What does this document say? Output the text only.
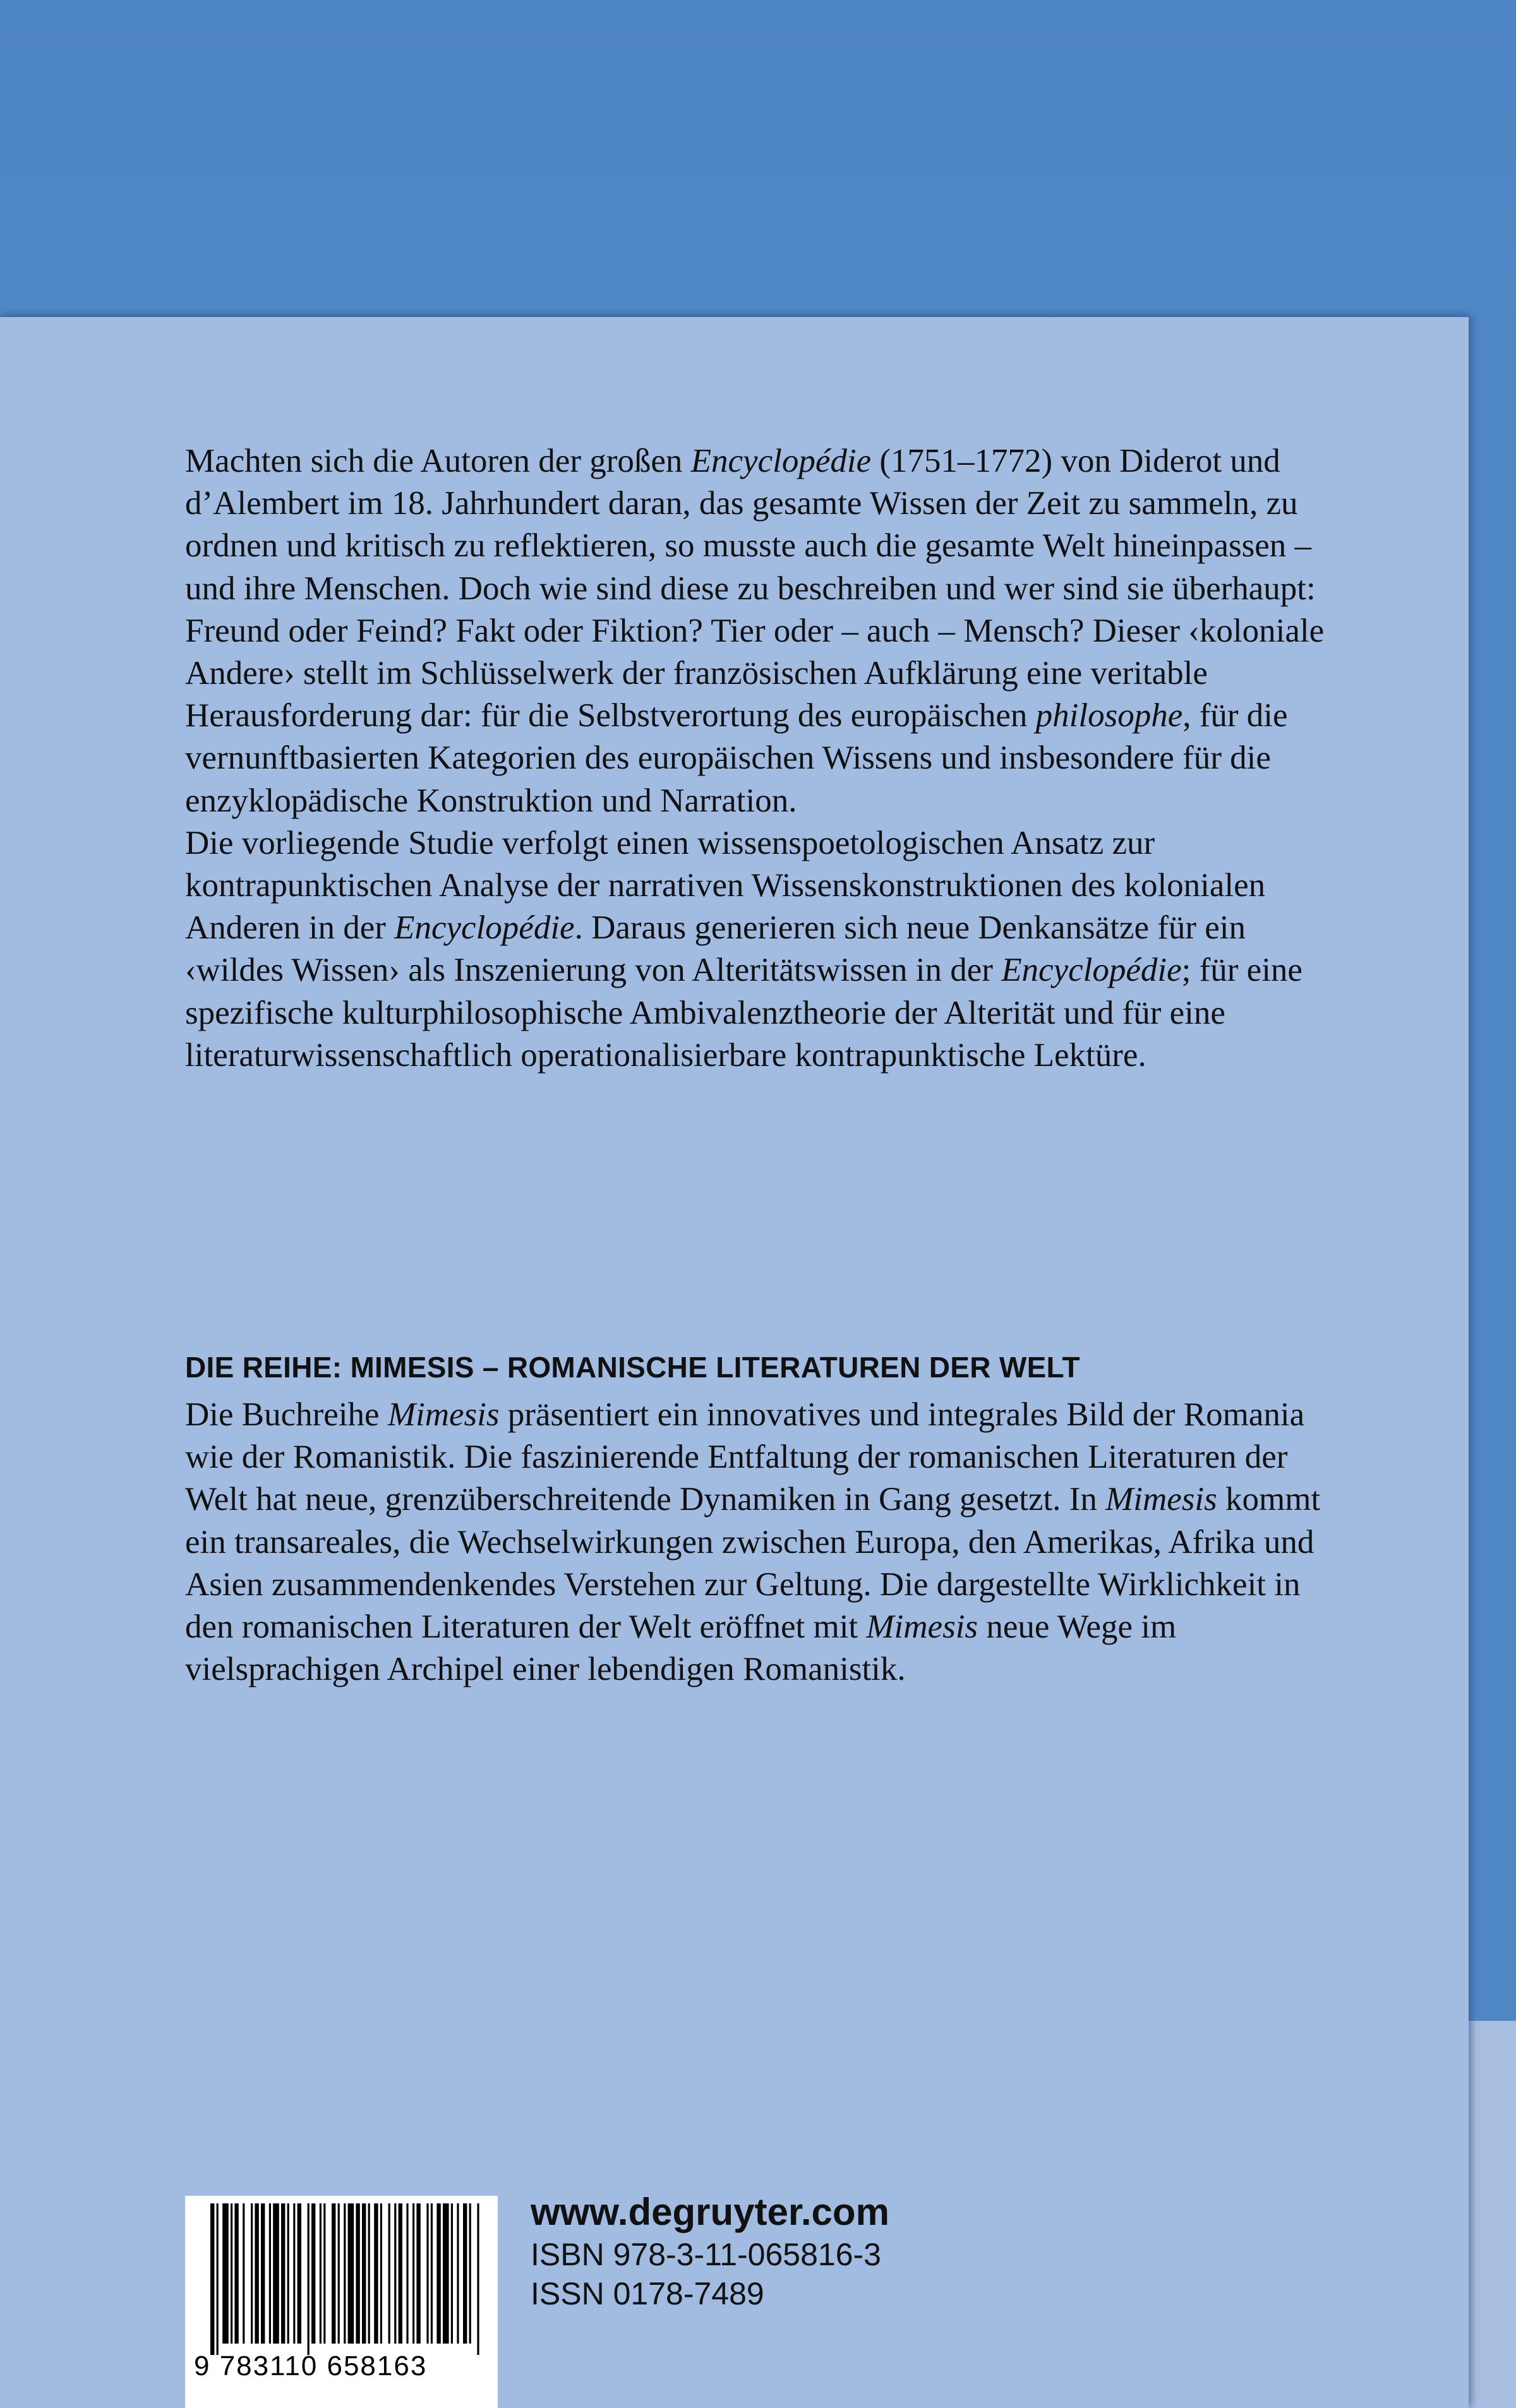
Machten sich die Autoren der großen Encyclopédie (1751–1772) von Diderot und d’Alembert im 18. Jahrhundert daran, das gesamte Wissen der Zeit zu sammeln, zu ordnen und kritisch zu reflektieren, so musste auch die gesamte Welt hineinpassen – und ihre Menschen. Doch wie sind diese zu beschreiben und wer sind sie überhaupt: Freund oder Feind? Fakt oder Fiktion? Tier oder – auch – Mensch? Dieser ‹koloniale Andere› stellt im Schlüsselwerk der französischen Aufklärung eine veritable Herausforderung dar: für die Selbstverortung des europäischen philosophe, für die vernunftbasierten Kategorien des europäischen Wissens und insbesondere für die enzyklopädische Konstruktion und Narration.

Die vorliegende Studie verfolgt einen wissenspoetologischen Ansatz zur kontrapunktischen Analyse der narrativen Wissenskonstruktionen des kolonialen Anderen in der Encyclopédie. Daraus generieren sich neue Denkansätze für ein ‹wildes Wissen› als Inszenierung von Alteritätswissen in der Encyclopédie; für eine spezifische kulturphilosophische Ambivalenztheorie der Alterität und für eine literaturwissenschaftlich operationalisierbare kontrapunktische Lektüre.

DIE REIHE: MIMESIS – ROMANISCHE LITERATUREN DER WELT

Die Buchreihe Mimesis präsentiert ein innovatives und integrales Bild der Romania wie der Romanistik. Die faszinierende Entfaltung der romanischen Literaturen der Welt hat neue, grenzüberschreitende Dynamiken in Gang gesetzt. In Mimesis kommt ein transareales, die Wechselwirkungen zwischen Europa, den Amerikas, Afrika und Asien zusammendenkendes Verstehen zur Geltung. Die dargestellte Wirklichkeit in den romanischen Literaturen der Welt eröffnet mit Mimesis neue Wege im vielsprachigen Archipel einer lebendigen Romanistik.

9 783110 658163
www.degruyter.com
ISBN 978-3-11-065816-3
ISSN 0178-7489
